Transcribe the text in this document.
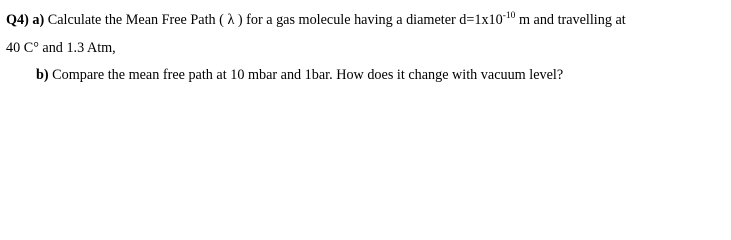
Q4) a) Calculate the Mean Free Path ( λ ) for a gas molecule having a diameter $d=1x10^{-10}$ m and travelling at
40 C° and 1.3 Atm,
b) Compare the mean free path at 10 mbar and 1bar. How does it change with vacuum level?
